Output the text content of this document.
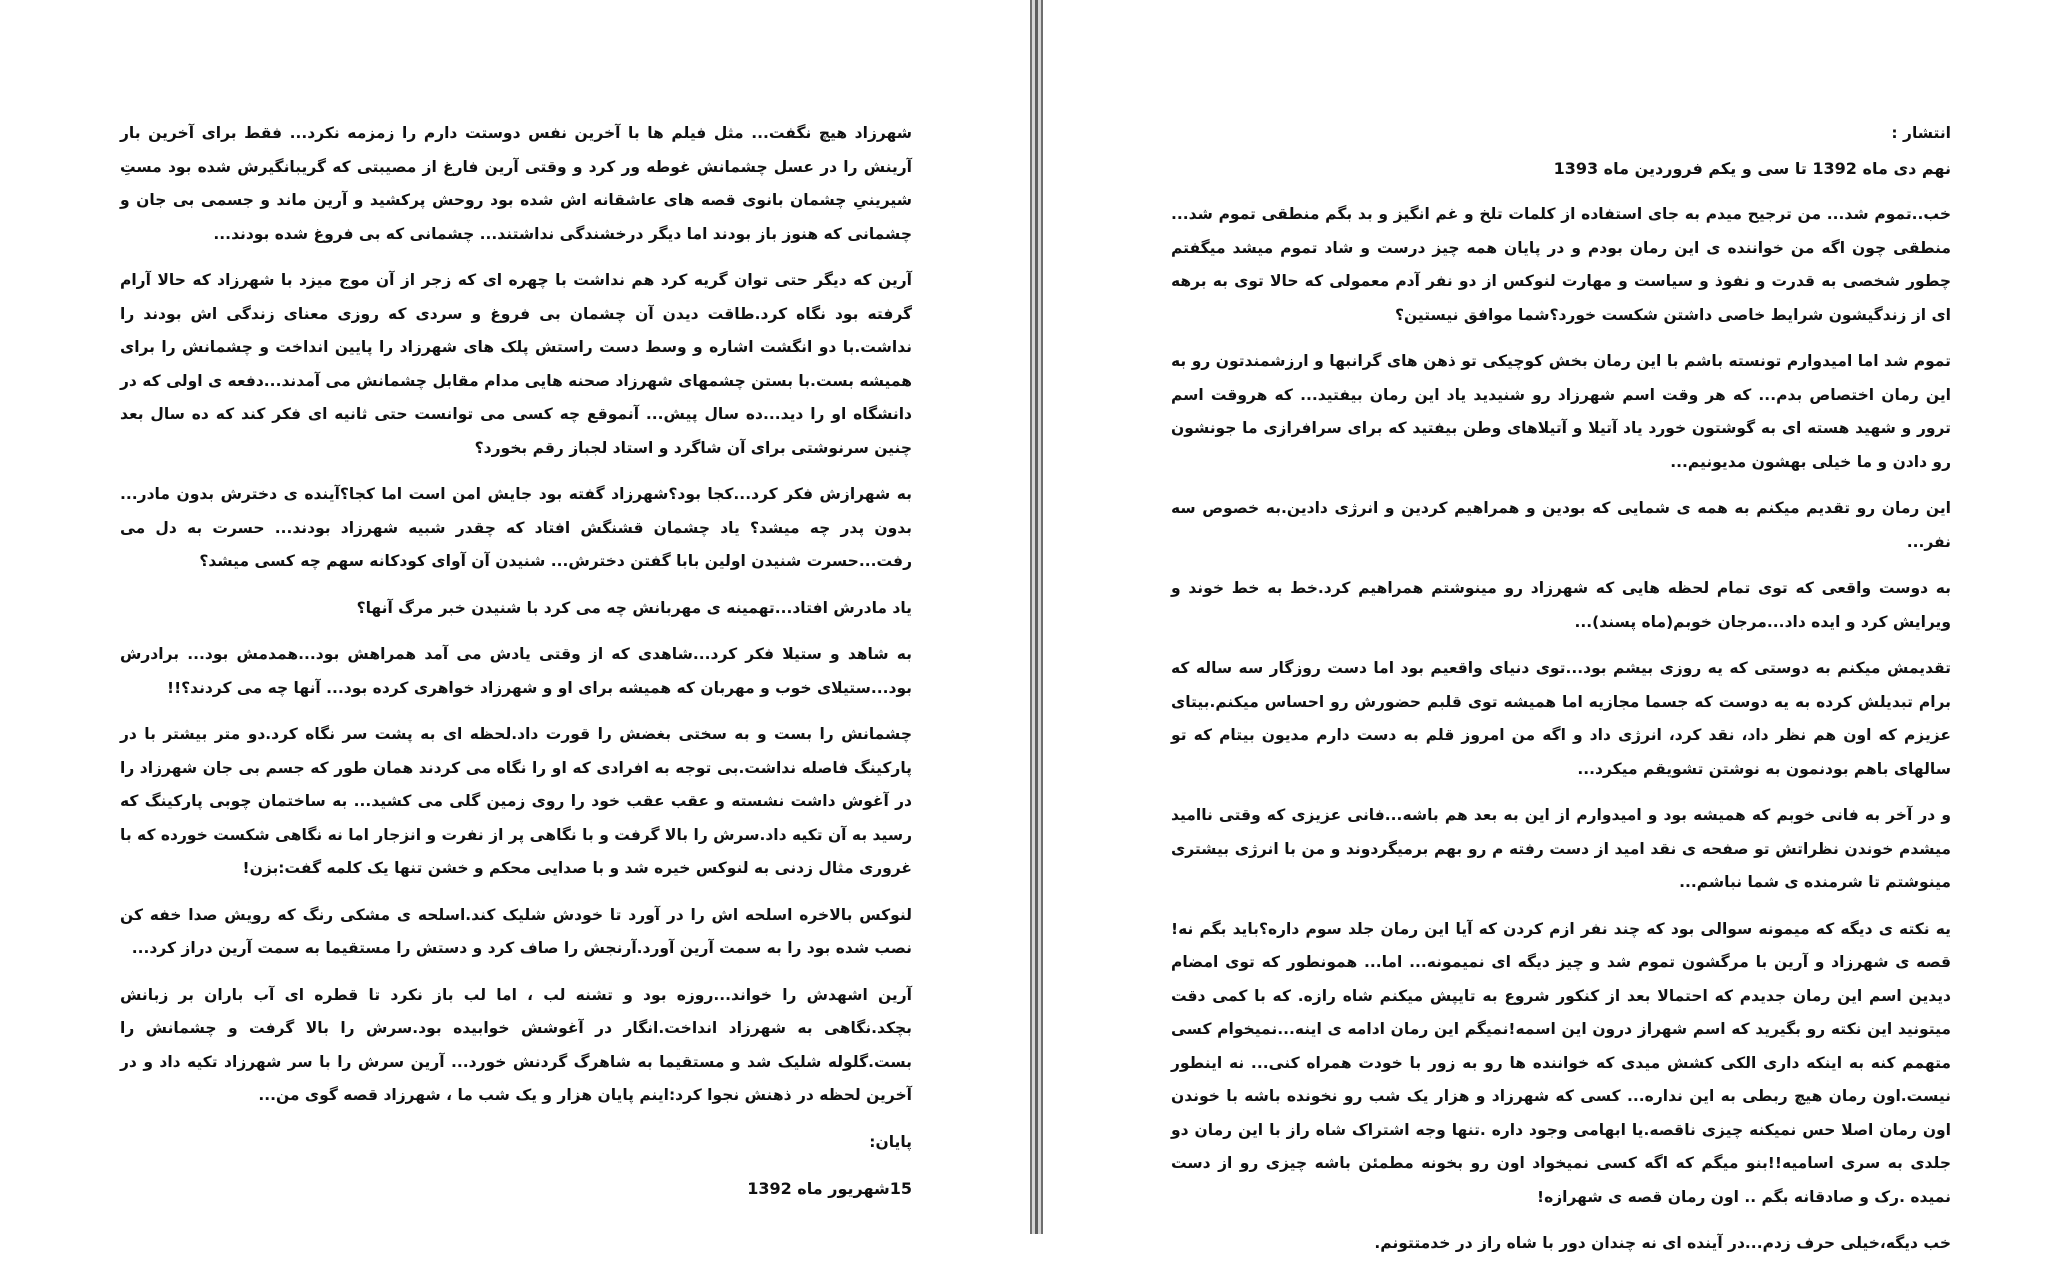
شهرزاد هیچ نگفت... مثل فیلم ها با آخرین نفس دوستت دارم را زمزمه نکرد... فقط برای آخرین بار آرینش را در عسل چشمانش غوطه ور کرد و وقتی آرین فارغ از مصیبتی که گریبانگیرش شده بود مستِ شیرینیِ چشمان بانوی قصه های عاشقانه اش شده بود روحش پرکشید و آرین ماند و جسمی بی جان و چشمانی که هنوز باز بودند اما دیگر درخشندگی نداشتند... چشمانی که بی فروغ شده بودند...

آرین که دیگر حتی توان گریه کرد هم نداشت با چهره ای که زجر از آن موج میزد با شهرزاد که حالا آرام گرفته بود نگاه کرد.طاقت دیدن آن چشمان بی فروغ و سردی که روزی معنای زندگی اش بودند را نداشت.با دو انگشت اشاره و وسط دست راستش پلک های شهرزاد را پایین انداخت و چشمانش را برای همیشه بست.با بستن چشمهای شهرزاد صحنه هایی مدام مقابل چشمانش می آمدند...دفعه ی اولی که در دانشگاه او را دید...ده سال پیش... آنموقع چه کسی می توانست حتی ثانیه ای فکر کند که ده سال بعد چنین سرنوشتی برای آن شاگرد و استاد لجباز رقم بخورد؟

به شهرازش فکر کرد...کجا بود؟شهرزاد گفته بود جایش امن است اما کجا؟آینده ی دخترش بدون مادر... بدون پدر چه میشد؟ یاد چشمان قشنگش افتاد که چقدر شبیه شهرزاد بودند... حسرت به دل می رفت...حسرت شنیدن اولین بابا گفتن دخترش... شنیدن آن آوای کودکانه سهم چه کسی میشد؟

یاد مادرش افتاد...تهمینه ی مهربانش چه می کرد با شنیدن خبر مرگ آنها؟

به شاهد و ستیلا فکر کرد...شاهدی که از وقتی یادش می آمد همراهش بود...همدمش بود... برادرش بود...ستیلای خوب و مهربان که همیشه برای او و شهرزاد خواهری کرده بود... آنها چه می کردند؟!!

چشمانش را بست و به سختی بغضش را قورت داد.لحظه ای به پشت سر نگاه کرد.دو متر بیشتر با در پارکینگ فاصله نداشت.بی توجه به افرادی که او را نگاه می کردند همان طور که جسم بی جان شهرزاد را در آغوش داشت نشسته و عقب عقب خود را روی زمین گلی می کشید... به ساختمان چوبی پارکینگ که رسید به آن تکیه داد.سرش را بالا گرفت و با نگاهی پر از نفرت و انزجار اما نه نگاهی شکست خورده که با غروری مثال زدنی به لنوکس خیره شد و با صدایی محکم و خشن تنها یک کلمه گفت:بزن!

لنوکس بالاخره اسلحه اش را در آورد تا خودش شلیک کند.اسلحه ی مشکی رنگ که رویش صدا خفه کن نصب شده بود را به سمت آرین آورد.آرنجش را صاف کرد و دستش را مستقیما به سمت آرین دراز کرد...

آرین اشهدش را خواند...روزه بود و تشنه لب ، اما لب باز نکرد تا قطره ای آب باران بر زبانش بچکد.نگاهی به شهرزاد انداخت.انگار در آغوشش خوابیده بود.سرش را بالا گرفت و چشمانش را بست.گلوله شلیک شد و مستقیما به شاهرگ گردنش خورد... آرین سرش را با سر شهرزاد تکیه داد و در آخرین لحظه در ذهنش نجوا کرد:اینم پایان هزار و یک شب ما ، شهرزاد قصه گوی من...

پایان:

15شهریور ماه 1392

انتشار :

نهم دی ماه 1392 تا سی و یکم فروردین ماه 1393

خب..تموم شد... من ترجیح میدم به جای استفاده از کلمات تلخ و غم انگیز و بد بگم منطقی تموم شد... منطقی چون اگه من خواننده ی این رمان بودم و در پایان همه چیز درست و شاد تموم میشد میگفتم چطور شخصی به قدرت و نفوذ و سیاست و مهارت لنوکس از دو نفر آدم معمولی که حالا توی به برهه ای از زندگیشون شرایط خاصی داشتن شکست خورد؟شما موافق نیستین؟

تموم شد اما امیدوارم تونسته باشم با این رمان بخش کوچیکی تو ذهن های گرانبها و ارزشمندتون رو به این رمان اختصاص بدم... که هر وقت اسم شهرزاد رو شنیدید یاد این رمان بیفتید... که هروقت اسم ترور و شهید هسته ای به گوشتون خورد یاد آتیلا و آتیلاهای وطن بیفتید که برای سرافرازی ما جونشون رو دادن و ما خیلی بهشون مدیونیم...

این رمان رو تقدیم میکنم به همه ی شمایی که بودین و همراهیم کردین و انرژی دادین.به خصوص سه نفر...

به دوست واقعی که توی تمام لحظه هایی که شهرزاد رو مینوشتم همراهیم کرد.خط به خط خوند و ویرایش کرد و ایده داد...مرجان خوبم(ماه پسند)...

تقدیمش میکنم به دوستی که یه روزی بیشم بود...توی دنیای واقعیم بود اما دست روزگار سه ساله که برام تبدیلش کرده به یه دوست که جسما مجازیه اما همیشه توی قلبم حضورش رو احساس میکنم.بیتای عزیزم که اون هم نظر داد، نقد کرد، انرژی داد و اگه من امروز قلم به دست دارم مدیون بیتام که تو سالهای باهم بودنمون به نوشتن تشویقم میکرد...

و در آخر به فانی خوبم که همیشه بود و امیدوارم از این به بعد هم باشه...فانی عزیزی که وقتی ناامید میشدم خوندن نظراتش تو صفحه ی نقد امید از دست رفته م رو بهم برمیگردوند و من با انرژی بیشتری مینوشتم تا شرمنده ی شما نباشم...

یه نکته ی دیگه که میمونه سوالی بود که چند نفر ازم کردن که آیا این رمان جلد سوم داره؟باید بگم نه!قصه ی شهرزاد و آرین با مرگشون تموم شد و چیز دیگه ای نمیمونه... اما... همونطور که توی امضام دیدین اسم این رمان جدیدم که احتمالا بعد از کنکور شروع به تایپش میکنم شاه رازه. که با کمی دقت میتونید این نکته رو بگیرید که اسم شهراز درون این اسمه!نمیگم این رمان ادامه ی اینه...نمیخوام کسی متهمم کنه به اینکه داری الکی کشش میدی که خواننده ها رو به زور با خودت همراه کنی... نه اینطور نیست.اون رمان هیچ ربطی به این نداره... کسی که شهرزاد و هزار یک شب رو نخونده باشه با خوندن اون رمان اصلا حس نمیکنه چیزی ناقصه.یا ابهامی وجود داره .تنها وجه اشتراک شاه راز با این رمان دو جلدی به سری اسامیه!!بنو میگم که اگه کسی نمیخواد اون رو بخونه مطمئن باشه چیزی رو از دست نمیده .رک و صادقانه بگم .. اون رمان قصه ی شهرازه!

خب دیگه،خیلی حرف زدم...در آینده ای نه چندان دور با شاه راز در خدمتتونم.
